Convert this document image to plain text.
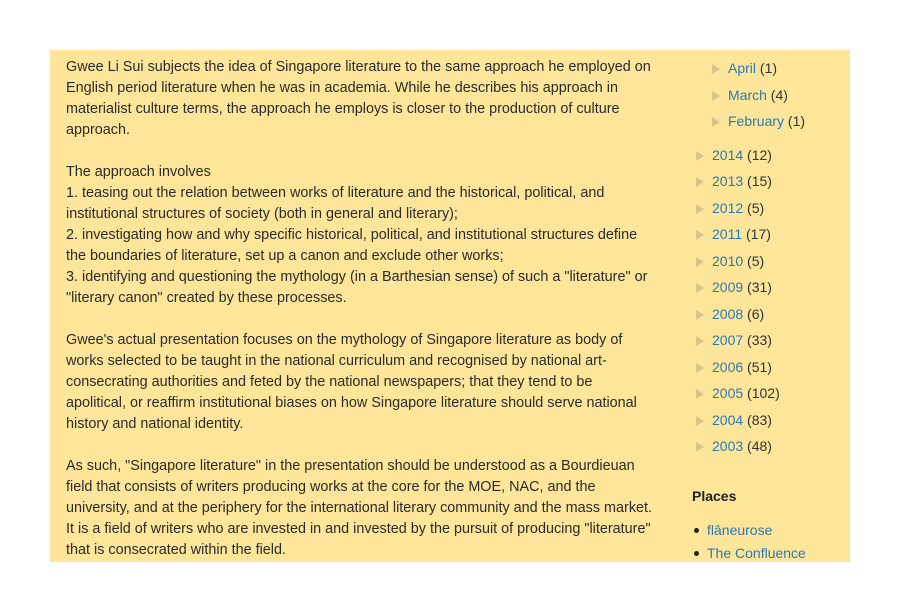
Gwee Li Sui subjects the idea of Singapore literature to the same approach he employed on English period literature when he was in academia. While he describes his approach in materialist culture terms, the approach he employs is closer to the production of culture approach.

The approach involves
1. teasing out the relation between works of literature and the historical, political, and institutional structures of society (both in general and literary);
2. investigating how and why specific historical, political, and institutional structures define the boundaries of literature, set up a canon and exclude other works;
3. identifying and questioning the mythology (in a Barthesian sense) of such a "literature" or "literary canon" created by these processes.

Gwee's actual presentation focuses on the mythology of Singapore literature as body of works selected to be taught in the national curriculum and recognised by national art-consecrating authorities and feted by the national newspapers; that they tend to be apolitical, or reaffirm institutional biases on how Singapore literature should serve national history and national identity.

As such, "Singapore literature" in the presentation should be understood as a Bourdieuan field that consists of writers producing works at the core for the MOE, NAC, and the university, and at the periphery for the international literary community and the mass market. It is a field of writers who are invested in and invested by the pursuit of producing "literature" that is consecrated within the field.

April (1)
March (4)
February (1)
2014 (12)
2013 (15)
2012 (5)
2011 (17)
2010 (5)
2009 (31)
2008 (6)
2007 (33)
2006 (51)
2005 (102)
2004 (83)
2003 (48)
Places
flâneurose
The Confluence
